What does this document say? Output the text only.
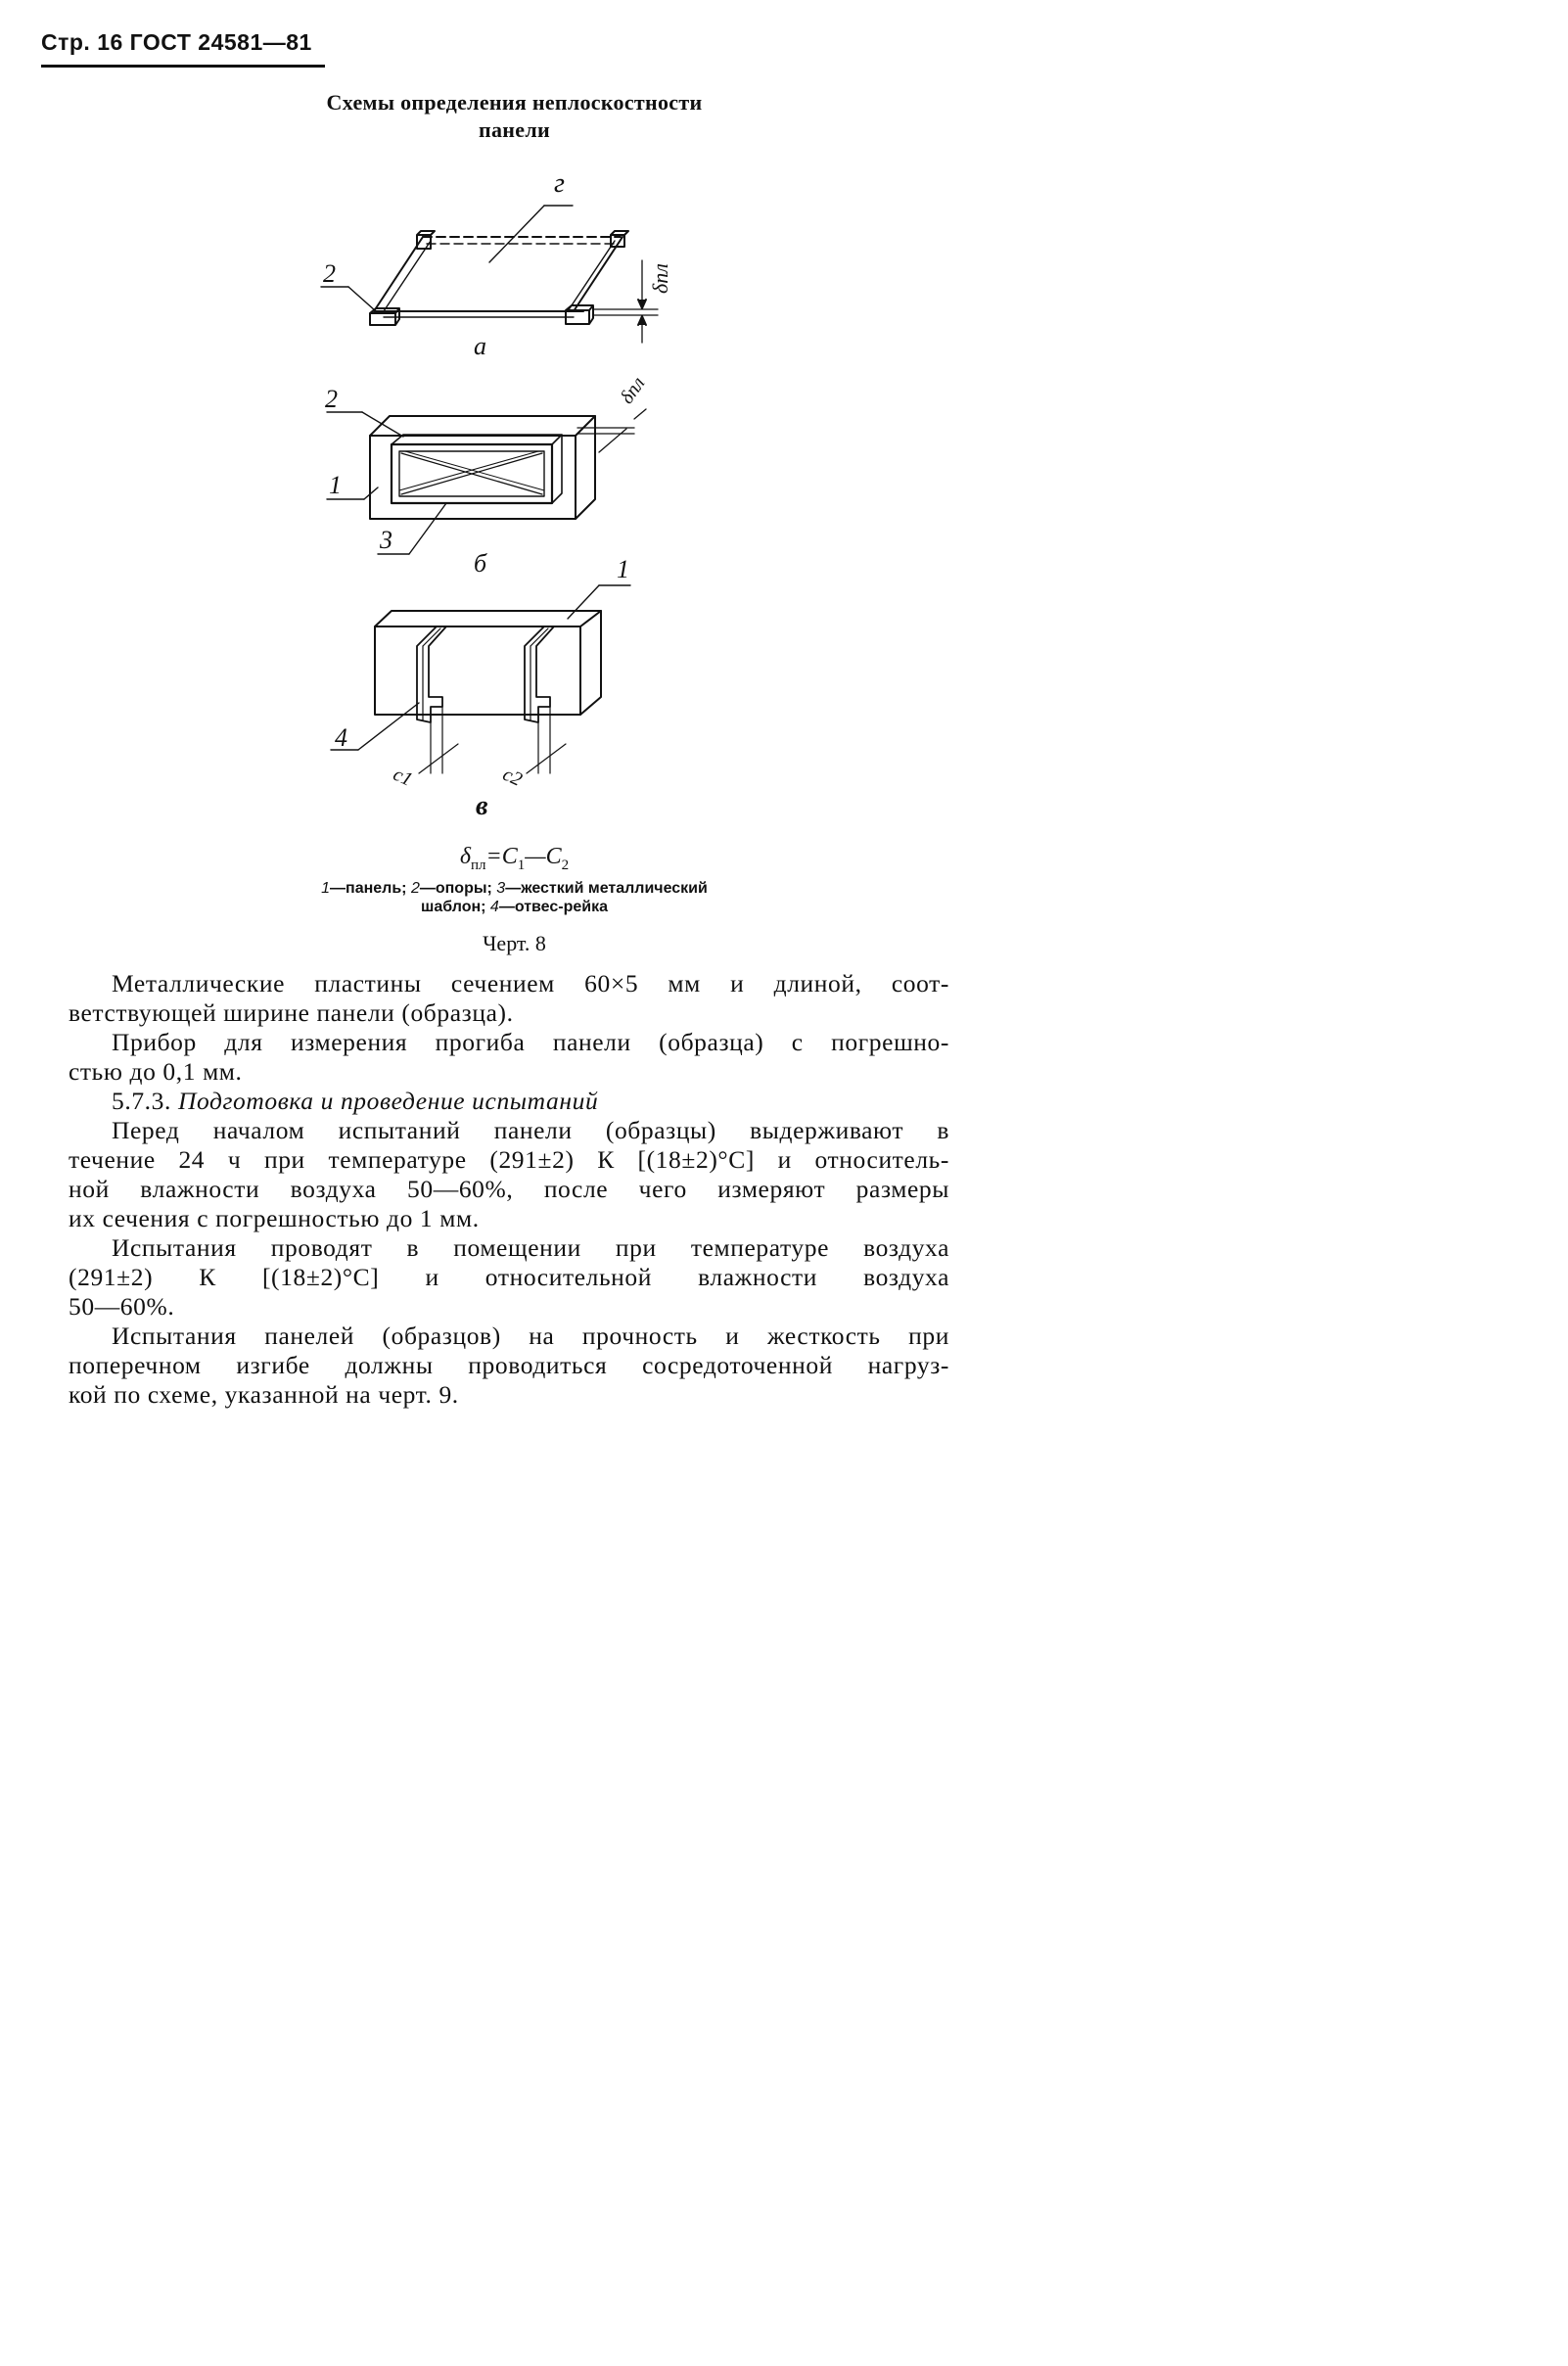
Стр. 16 ГОСТ 24581—81
Схемы определения неплоскостности
панели
г
2	δпл
а
2
1
3
δпл
б	1
4
с1	с2
в
$\delta_{пл}=C_1—C_2$
1—панель; 2—опоры; 3—жесткий металлический
шаблон; 4—отвес-рейка
Черт. 8
Металлические пластины сечением 60×5 мм и длиной, соот-
ветствующей ширине панели (образца).
Прибор для измерения прогиба панели (образца) с погрешно-
стью до 0,1 мм.
5.7.3. Подготовка и проведение испытаний
Перед началом испытаний панели (образцы) выдерживают в
течение 24 ч при температуре (291±2) К [(18±2)°С] и относитель-
ной влажности воздуха 50—60%, после чего измеряют размеры
их сечения с погрешностью до 1 мм.
Испытания проводят в помещении при температуре воздуха
(291±2) К [(18±2)°С] и относительной влажности воздуха
50—60%.
Испытания панелей (образцов) на прочность и жесткость при
поперечном изгибе должны проводиться сосредоточенной нагруз-
кой по схеме, указанной на черт. 9.
